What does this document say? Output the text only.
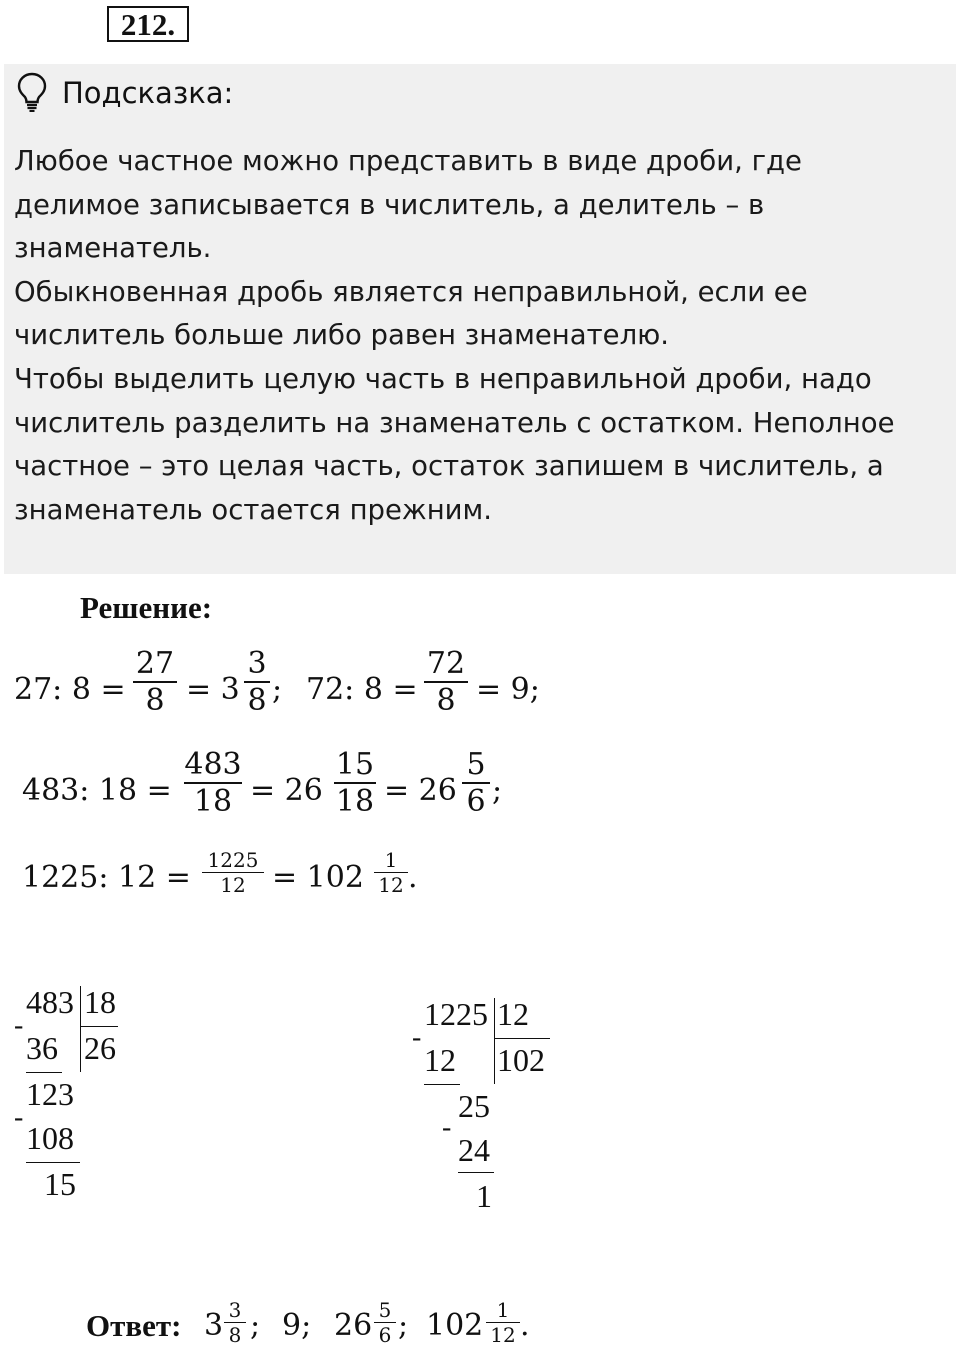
212.
Подсказка:
Любое частное можно представить в виде дроби, где
делимое записывается в числитель, а делитель – в
знаменатель.
Обыкновенная дробь является неправильной, если ее
числитель больше либо равен знаменателю.
Чтобы выделить целую часть в неправильной дроби, надо
числитель разделить на знаменатель с остатком. Неполное
частное – это целая часть, остаток запишем в числитель, а
знаменатель остается прежним.
Решение:
27: 8 =
27
8 = 3
3
8 ; 72: 8 =
72
8 = 9;
483: 18 =
483
18 = 26
15
18 = 26
5
6 ;
1225: 12 = 1225
12 = 102	1
12 .
483 18
-
36 26
123
-
108
15
1225 12
-
12 102
25
-
24
1
Ответ: 3 3
8 ; 9; 26 5
6 ; 102 1
12 .
